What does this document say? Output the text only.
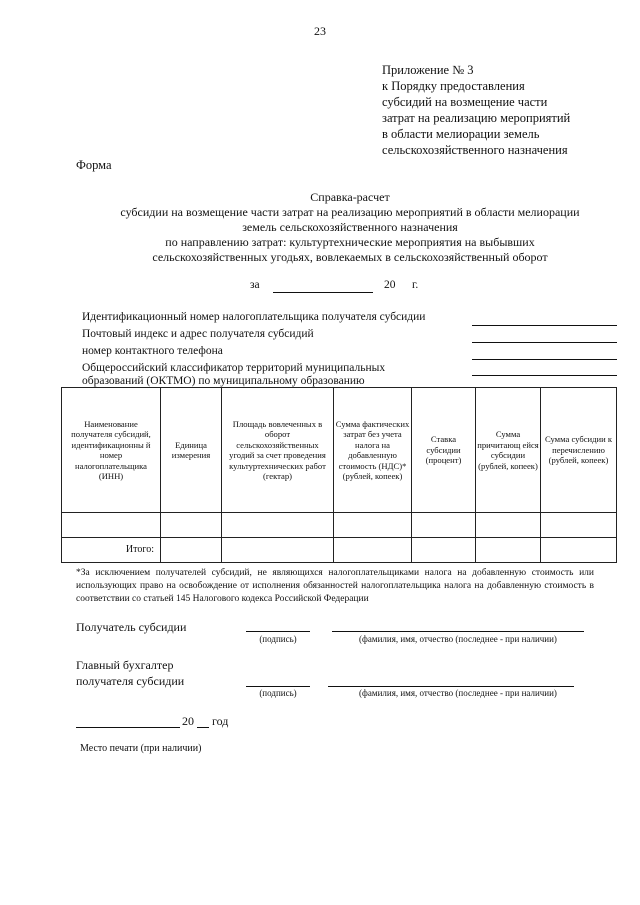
23
Приложение № 3
к Порядку предоставления
субсидий на возмещение части
затрат на реализацию мероприятий
в области мелиорации земель
сельскохозяйственного назначения
Форма
Справка-расчет
субсидии на возмещение части затрат на реализацию мероприятий в области мелиорации
земель сельскохозяйственного назначения
по направлению затрат: культуртехнические мероприятия на выбывших
сельскохозяйственных угодьях, вовлекаемых в сельскохозяйственный оборот
за	20 г.
Идентификационный номер налогоплательщика получателя субсидии
Почтовый индекс и адрес получателя субсидий
номер контактного телефона
Общероссийский классификатор территорий муниципальных
образований (ОКТМО) по муниципальному образованию
Наименование получателя субсидий, идентификационны й номер налогоплательщика (ИНН)	Единица измерения	Площадь вовлеченных в оборот сельскохозяйственных угодий за счет проведения культуртехнических работ (гектар)	Сумма фактических затрат без учета налога на добавленную стоимость (НДС)* (рублей, копеек)	Ставка субсидии (процент)	Сумма причитающ ейся субсидии (рублей, копеек)	Сумма субсидии к перечислению (рублей, копеек)

Итого:						
*За исключением получателей субсидий, не являющихся налогоплательщиками налога на добавленную стоимость или использующих право на освобождение от исполнения обязанностей налогоплательщика налога на добавленную стоимость в соответствии со статьей 145 Налогового кодекса Российской Федерации
Получатель субсидии
(подпись)	(фамилия, имя, отчество (последнее - при наличии)
Главный бухгалтер
получателя субсидии
(подпись)	(фамилия, имя, отчество (последнее - при наличии)
20 год
Место печати (при наличии)
